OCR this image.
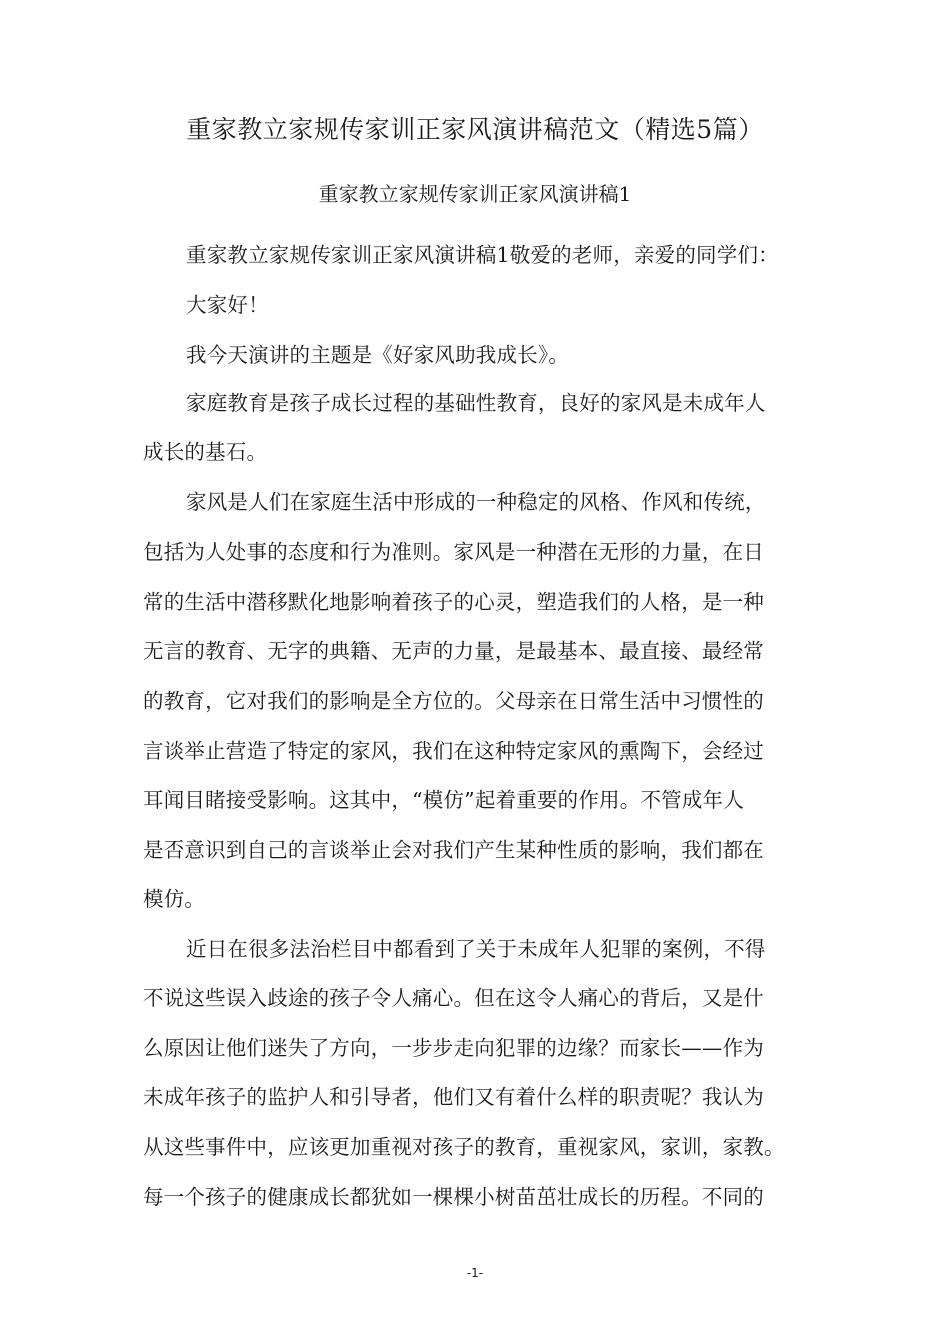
重家教立家规传家训正家风演讲稿范文（精选5篇）
重家教立家规传家训正家风演讲稿1
重家教立家规传家训正家风演讲稿1敬爱的老师，亲爱的同学们：
大家好！
我今天演讲的主题是《好家风助我成长》。
家庭教育是孩子成长过程的基础性教育，良好的家风是未成年人
成长的基石。
家风是人们在家庭生活中形成的一种稳定的风格、作风和传统，
包括为人处事的态度和行为准则。家风是一种潜在无形的力量，在日
常的生活中潜移默化地影响着孩子的心灵，塑造我们的人格，是一种
无言的教育、无字的典籍、无声的力量，是最基本、最直接、最经常
的教育，它对我们的影响是全方位的。父母亲在日常生活中习惯性的
言谈举止营造了特定的家风，我们在这种特定家风的熏陶下，会经过
耳闻目睹接受影响。这其中，“模仿”起着重要的作用。不管成年人
是否意识到自己的言谈举止会对我们产生某种性质的影响，我们都在
模仿。
近日在很多法治栏目中都看到了关于未成年人犯罪的案例，不得
不说这些误入歧途的孩子令人痛心。但在这令人痛心的背后，又是什
么原因让他们迷失了方向，一步步走向犯罪的边缘？而家长——作为
未成年孩子的监护人和引导者，他们又有着什么样的职责呢？我认为
从这些事件中，应该更加重视对孩子的教育，重视家风，家训，家教。
每一个孩子的健康成长都犹如一棵棵小树苗茁壮成长的历程。不同的
-1-
